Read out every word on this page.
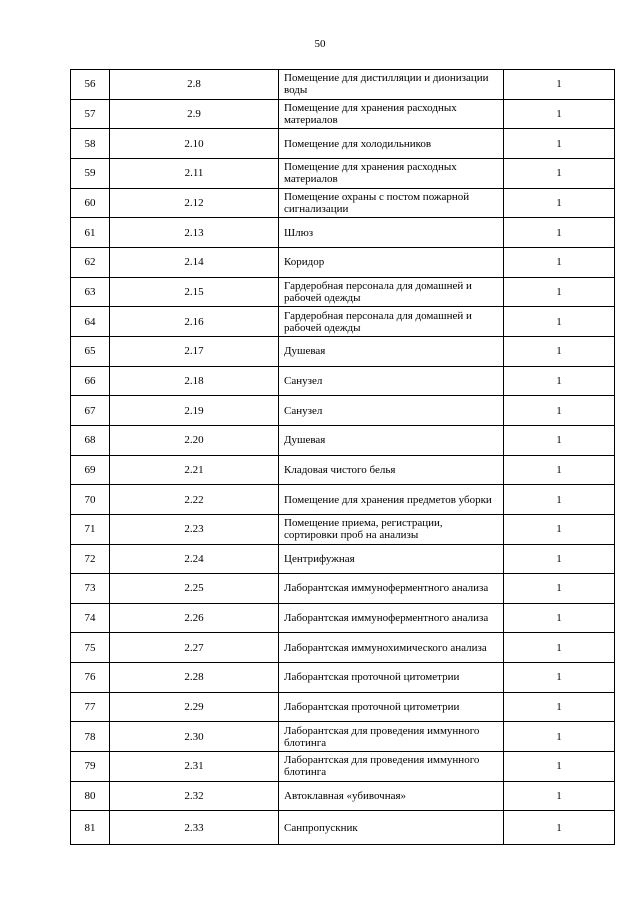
50
56	2.8	Помещение для дистилляции и дионизации воды	1
57	2.9	Помещение для хранения расходных материалов	1
58	2.10	Помещение для холодильников	1
59	2.11	Помещение для хранения расходных материалов	1
60	2.12	Помещение охраны с постом пожарной сигнализации	1
61	2.13	Шлюз	1
62	2.14	Коридор	1
63	2.15	Гардеробная персонала для домашней и рабочей одежды	1
64	2.16	Гардеробная персонала для домашней и рабочей одежды	1
65	2.17	Душевая	1
66	2.18	Санузел	1
67	2.19	Санузел	1
68	2.20	Душевая	1
69	2.21	Кладовая чистого белья	1
70	2.22	Помещение для хранения предметов уборки	1
71	2.23	Помещение приема, регистрации, сортировки проб на анализы	1
72	2.24	Центрифужная	1
73	2.25	Лаборантская иммуноферментного анализа	1
74	2.26	Лаборантская иммуноферментного анализа	1
75	2.27	Лаборантская иммунохимического анализа	1
76	2.28	Лаборантская проточной цитометрии	1
77	2.29	Лаборантская проточной цитометрии	1
78	2.30	Лаборантская для проведения иммунного блотинга	1
79	2.31	Лаборантская для проведения иммунного блотинга	1
80	2.32	Автоклавная «убивочная»	1
81	2.33	Санпропускник	1
